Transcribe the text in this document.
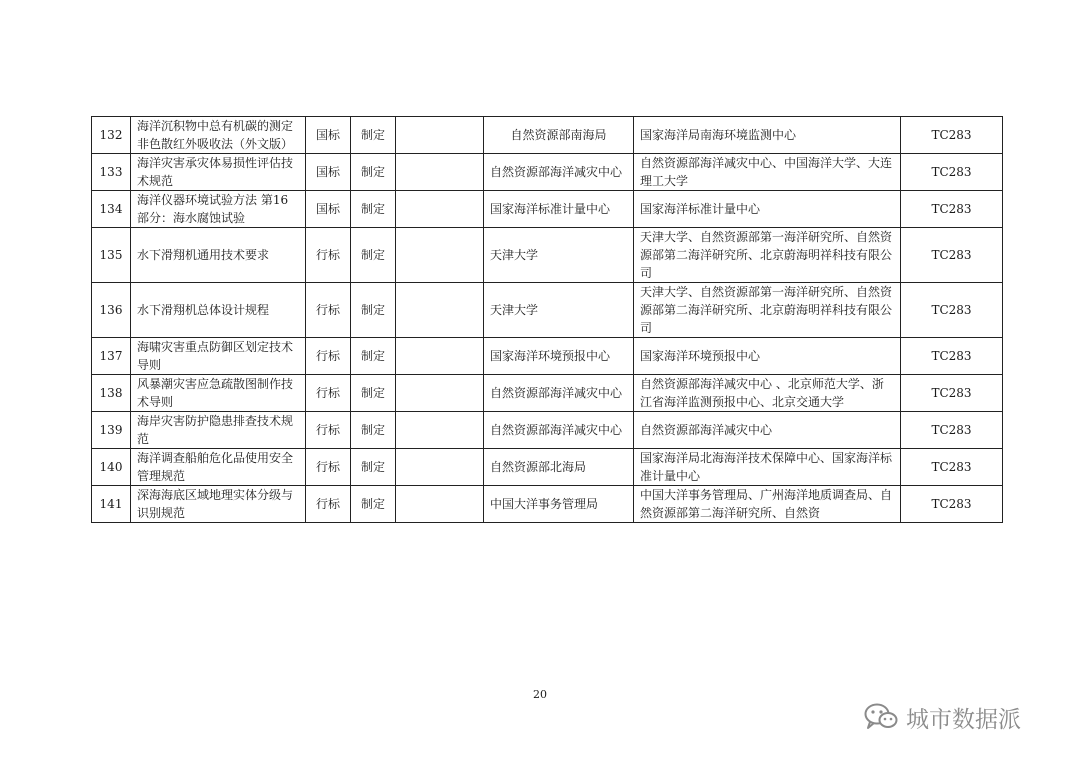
132	海洋沉积物中总有机碳的测定 非色散红外吸收法（外文版）	国标	制定		自然资源部南海局	国家海洋局南海环境监测中心	TC283
133	海洋灾害承灾体易损性评估技术规范	国标	制定		自然资源部海洋减灾中心	自然资源部海洋减灾中心、中国海洋大学、大连理工大学	TC283
134	海洋仪器环境试验方法 第16部分：海水腐蚀试验	国标	制定		国家海洋标准计量中心	国家海洋标准计量中心	TC283
135	水下滑翔机通用技术要求	行标	制定		天津大学	天津大学、自然资源部第一海洋研究所、自然资源部第二海洋研究所、北京蔚海明祥科技有限公司	TC283
136	水下滑翔机总体设计规程	行标	制定		天津大学	天津大学、自然资源部第一海洋研究所、自然资源部第二海洋研究所、北京蔚海明祥科技有限公司	TC283
137	海啸灾害重点防御区划定技术导则	行标	制定		国家海洋环境预报中心	国家海洋环境预报中心	TC283
138	风暴潮灾害应急疏散图制作技术导则	行标	制定		自然资源部海洋减灾中心	自然资源部海洋减灾中心 、北京师范大学、浙江省海洋监测预报中心、北京交通大学	TC283
139	海岸灾害防护隐患排查技术规范	行标	制定		自然资源部海洋减灾中心	自然资源部海洋减灾中心	TC283
140	海洋调查船舶危化品使用安全管理规范	行标	制定		自然资源部北海局	国家海洋局北海海洋技术保障中心、国家海洋标准计量中心	TC283
141	深海海底区域地理实体分级与识别规范	行标	制定		中国大洋事务管理局	中国大洋事务管理局、广州海洋地质调查局、自然资源部第二海洋研究所、自然资	TC283
20
城市数据派
